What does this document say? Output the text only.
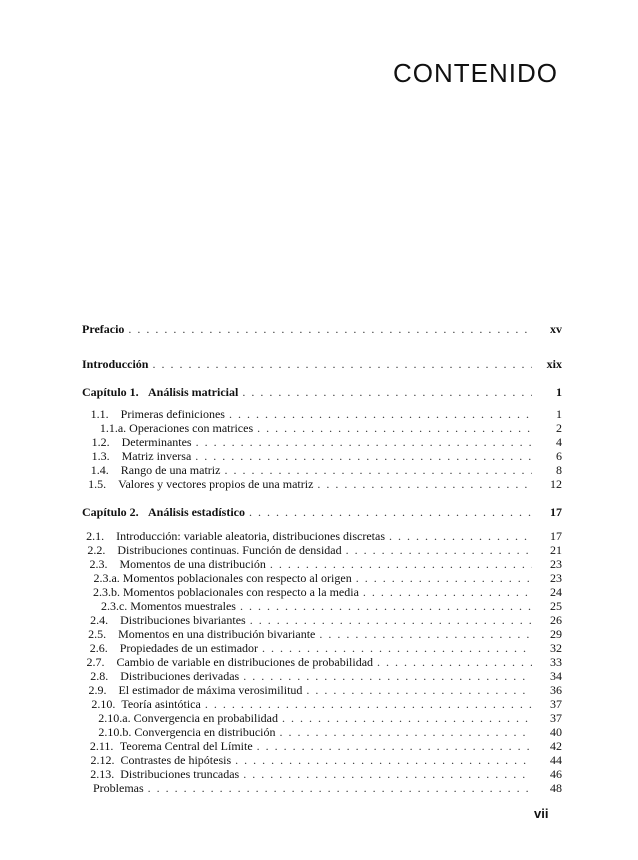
CONTENIDO
Prefacio . . .	xv
Introducción . . .	xix
Capítulo 1. Análisis matricial . . .	1
1.1.	Primeras definiciones . . .	1
1.1.a. Operaciones con matrices . . .	2
1.2.	Determinantes . . .	4
1.3.	Matriz inversa . . .	6
1.4.	Rango de una matriz . . .	8
1.5.	Valores y vectores propios de una matriz . . .	12
Capítulo 2. Análisis estadístico . . .	17
2.1.	Introducción: variable aleatoria, distribuciones discretas . . .	17
2.2.	Distribuciones continuas. Función de densidad . . .	21
2.3.	Momentos de una distribución . . .	23
2.3.a. Momentos poblacionales con respecto al origen . . .	23
2.3.b. Momentos poblacionales con respecto a la media . . .	24
2.3.c. Momentos muestrales . . .	25
2.4.	Distribuciones bivariantes . . .	26
2.5.	Momentos en una distribución bivariante . . .	29
2.6.	Propiedades de un estimador . . .	32
2.7.	Cambio de variable en distribuciones de probabilidad . . .	33
2.8.	Distribuciones derivadas . . .	34
2.9.	El estimador de máxima verosimilitud . . .	36
2.10. Teoría asintótica . . .	37
2.10.a. Convergencia en probabilidad . . .	37
2.10.b. Convergencia en distribución . . .	40
2.11. Teorema Central del Límite . . .	42
2.12. Contrastes de hipótesis . . .	44
2.13. Distribuciones truncadas . . .	46
Problemas . . .	48
vii
